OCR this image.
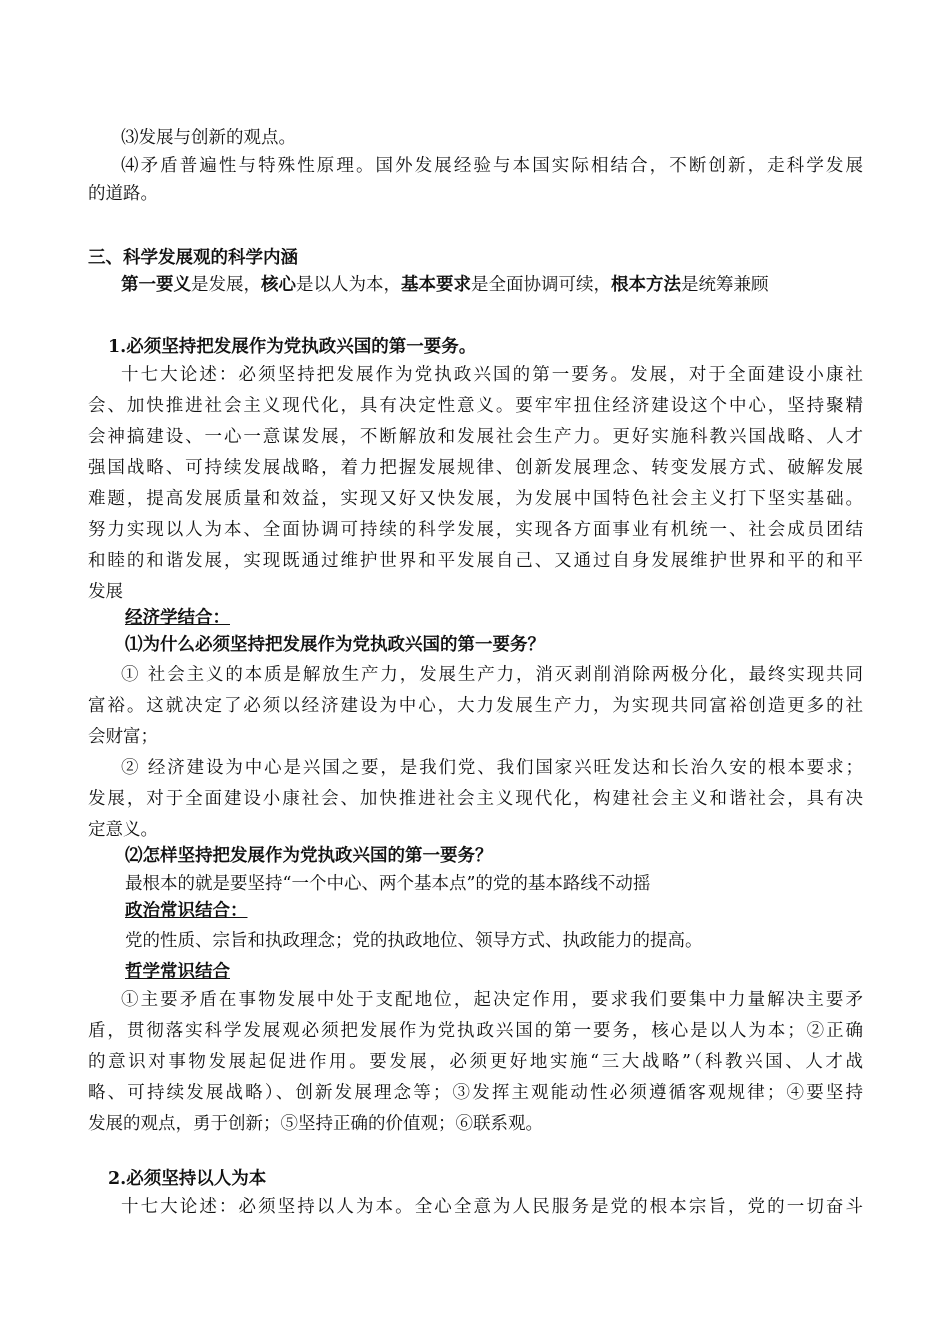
⑶发展与创新的观点。
⑷矛盾普遍性与特殊性原理。国外发展经验与本国实际相结合，不断创新，走科学发展
的道路。
三、科学发展观的科学内涵
第一要义是发展，核心是以人为本，基本要求是全面协调可续，根本方法是统筹兼顾
1.必须坚持把发展作为党执政兴国的第一要务。
十七大论述：必须坚持把发展作为党执政兴国的第一要务。发展，对于全面建设小康社
会、加快推进社会主义现代化，具有决定性意义。要牢牢扭住经济建设这个中心，坚持聚精
会神搞建设、一心一意谋发展，不断解放和发展社会生产力。更好实施科教兴国战略、人才
强国战略、可持续发展战略，着力把握发展规律、创新发展理念、转变发展方式、破解发展
难题，提高发展质量和效益，实现又好又快发展，为发展中国特色社会主义打下坚实基础。
努力实现以人为本、全面协调可持续的科学发展，实现各方面事业有机统一、社会成员团结
和睦的和谐发展，实现既通过维护世界和平发展自己、又通过自身发展维护世界和平的和平
发展
经济学结合：
⑴为什么必须坚持把发展作为党执政兴国的第一要务？
① 社会主义的本质是解放生产力，发展生产力，消灭剥削消除两极分化，最终实现共同
富裕。这就决定了必须以经济建设为中心，大力发展生产力，为实现共同富裕创造更多的社
会财富；
② 经济建设为中心是兴国之要，是我们党、我们国家兴旺发达和长治久安的根本要求；
发展，对于全面建设小康社会、加快推进社会主义现代化，构建社会主义和谐社会，具有决
定意义。
⑵怎样坚持把发展作为党执政兴国的第一要务？
最根本的就是要坚持“一个中心、两个基本点”的党的基本路线不动摇
政治常识结合：
党的性质、宗旨和执政理念；党的执政地位、领导方式、执政能力的提高。
哲学常识结合
①主要矛盾在事物发展中处于支配地位，起决定作用，要求我们要集中力量解决主要矛
盾，贯彻落实科学发展观必须把发展作为党执政兴国的第一要务，核心是以人为本；②正确
的意识对事物发展起促进作用。要发展，必须更好地实施“三大战略”（科教兴国、人才战
略、可持续发展战略）、创新发展理念等；③发挥主观能动性必须遵循客观规律；④要坚持
发展的观点，勇于创新；⑤坚持正确的价值观；⑥联系观。
2.必须坚持以人为本
十七大论述：必须坚持以人为本。全心全意为人民服务是党的根本宗旨，党的一切奋斗
